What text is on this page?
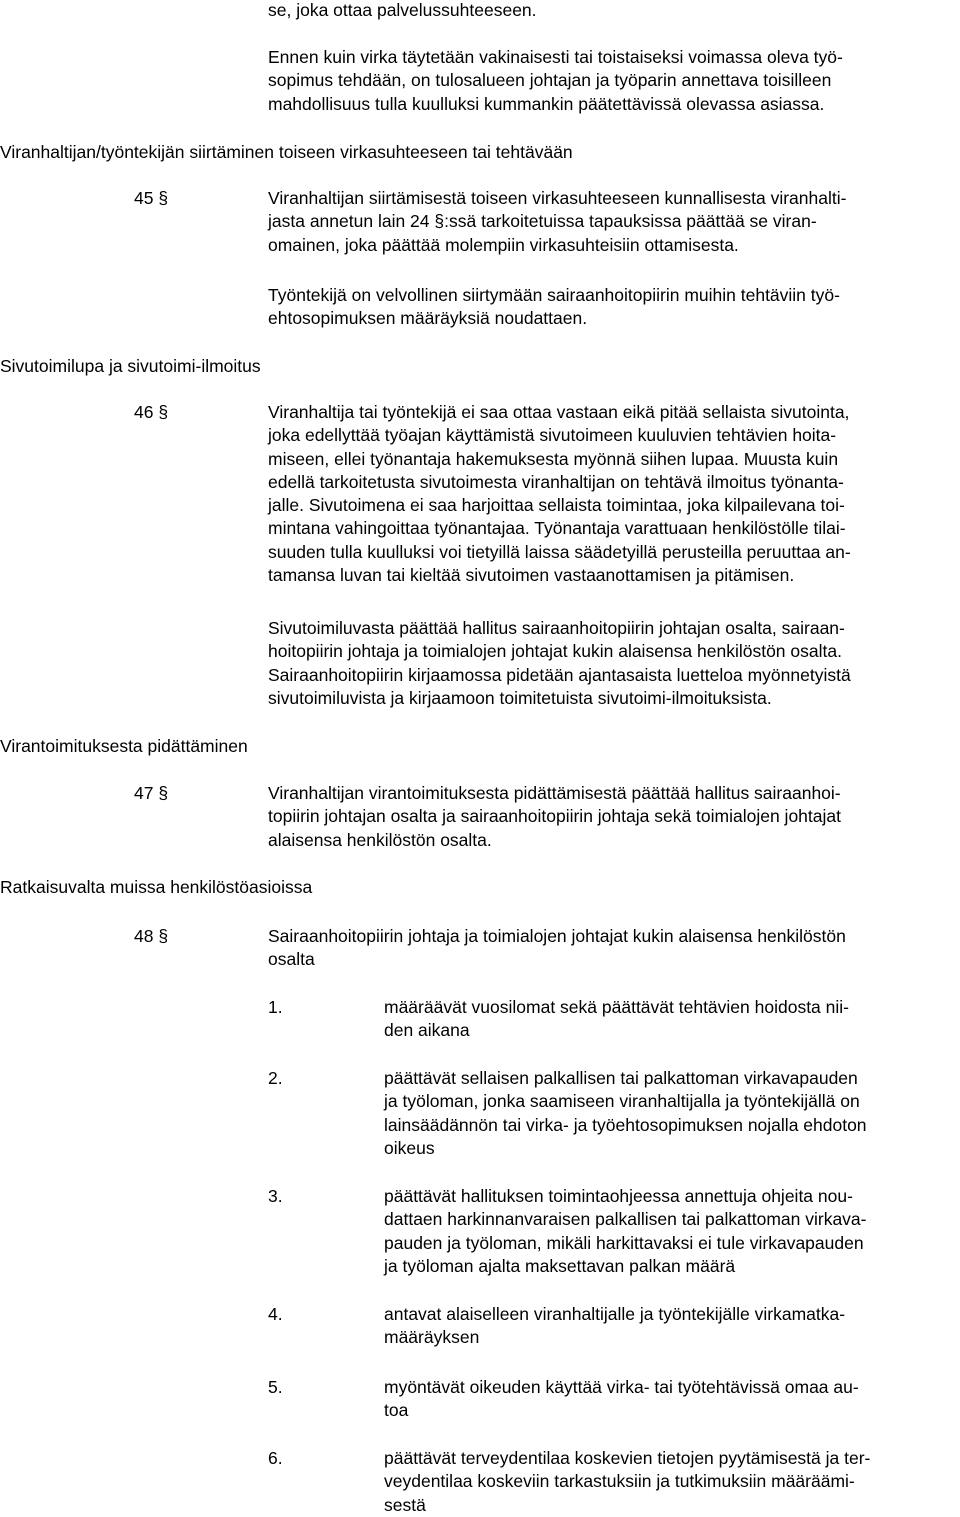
se, joka ottaa palvelussuhteeseen.
Ennen kuin virka täytetään vakinaisesti tai toistaiseksi voimassa oleva työ-
sopimus tehdään, on tulosalueen johtajan ja työparin annettava toisilleen
mahdollisuus tulla kuulluksi kummankin päätettävissä olevassa asiassa.
Viranhaltijan/työntekijän siirtäminen toiseen virkasuhteeseen tai tehtävään
45 §	Viranhaltijan siirtämisestä toiseen virkasuhteeseen kunnallisesta viranhalti-
jasta annetun lain 24 §:ssä tarkoitetuissa tapauksissa päättää se viran-
omainen, joka päättää molempiin virkasuhteisiin ottamisesta.
Työntekijä on velvollinen siirtymään sairaanhoitopiirin muihin tehtäviin työ-
ehtosopimuksen määräyksiä noudattaen.
Sivutoimilupa ja sivutoimi-ilmoitus
46 §	Viranhaltija tai työntekijä ei saa ottaa vastaan eikä pitää sellaista sivutointa,
joka edellyttää työajan käyttämistä sivutoimeen kuuluvien tehtävien hoita-
miseen, ellei työnantaja hakemuksesta myönnä siihen lupaa. Muusta kuin
edellä tarkoitetusta sivutoimesta viranhaltijan on tehtävä ilmoitus työnanta-
jalle. Sivutoimena ei saa harjoittaa sellaista toimintaa, joka kilpailevana toi-
mintana vahingoittaa työnantajaa. Työnantaja varattuaan henkilöstölle tilai-
suuden tulla kuulluksi voi tietyillä laissa säädetyillä perusteilla peruuttaa an-
tamansa luvan tai kieltää sivutoimen vastaanottamisen ja pitämisen.
Sivutoimiluvasta päättää hallitus sairaanhoitopiirin johtajan osalta, sairaan-
hoitopiirin johtaja ja toimialojen johtajat kukin alaisensa henkilöstön osalta.
Sairaanhoitopiirin kirjaamossa pidetään ajantasaista luetteloa myönnetyistä
sivutoimiluvista ja kirjaamoon toimitetuista sivutoimi-ilmoituksista.
Virantoimituksesta pidättäminen
47 §	Viranhaltijan virantoimituksesta pidättämisestä päättää hallitus sairaanhoi-
topiirin johtajan osalta ja sairaanhoitopiirin johtaja sekä toimialojen johtajat
alaisensa henkilöstön osalta.
Ratkaisuvalta muissa henkilöstöasioissa
48 §	Sairaanhoitopiirin johtaja ja toimialojen johtajat kukin alaisensa henkilöstön
osalta
1.	määräävät vuosilomat sekä päättävät tehtävien hoidosta nii-
den aikana
2.	päättävät sellaisen palkallisen tai palkattoman virkavapauden
ja työloman, jonka saamiseen viranhaltijalla ja työntekijällä on
lainsäädännön tai virka- ja työehtosopimuksen nojalla ehdoton
oikeus
3.	päättävät hallituksen toimintaohjeessa annettuja ohjeita nou-
dattaen harkinnanvaraisen palkallisen tai palkattoman virkava-
pauden ja työloman, mikäli harkittavaksi ei tule virkavapauden
ja työloman ajalta maksettavan palkan määrä
4.	antavat alaiselleen viranhaltijalle ja työntekijälle virkamatka-
määräyksen
5.	myöntävät oikeuden käyttää virka- tai työtehtävissä omaa au-
toa
6.	päättävät terveydentilaa koskevien tietojen pyytämisestä ja ter-
veydentilaa koskeviin tarkastuksiin ja tutkimuksiin määräämi-
sestä
